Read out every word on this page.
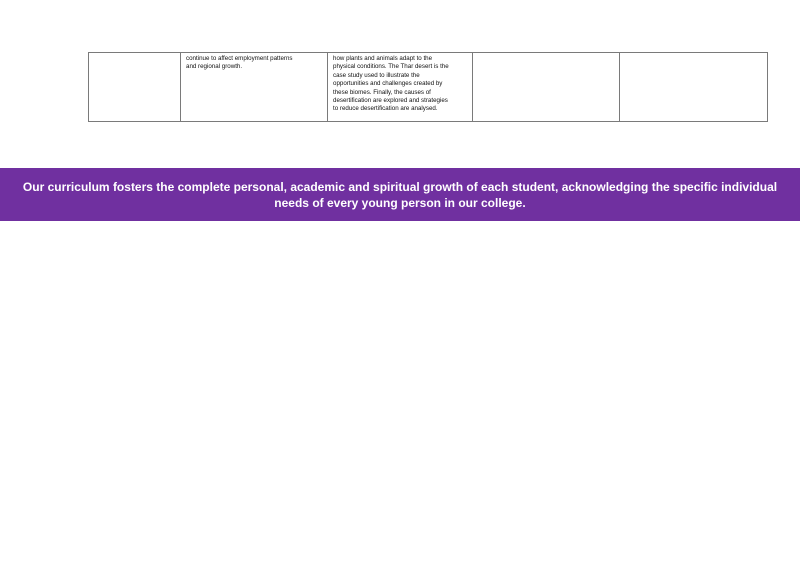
continue to affect employment patterns
and regional growth.

how plants and animals adapt to the
physical conditions. The Thar desert is the
case study used to illustrate the
opportunities and challenges created by
these biomes. Finally, the causes of
desertification are explored and strategies
to reduce desertification are analysed.

Our curriculum fosters the complete personal, academic and spiritual growth of each student, acknowledging the specific individual needs of every young person in our college.
